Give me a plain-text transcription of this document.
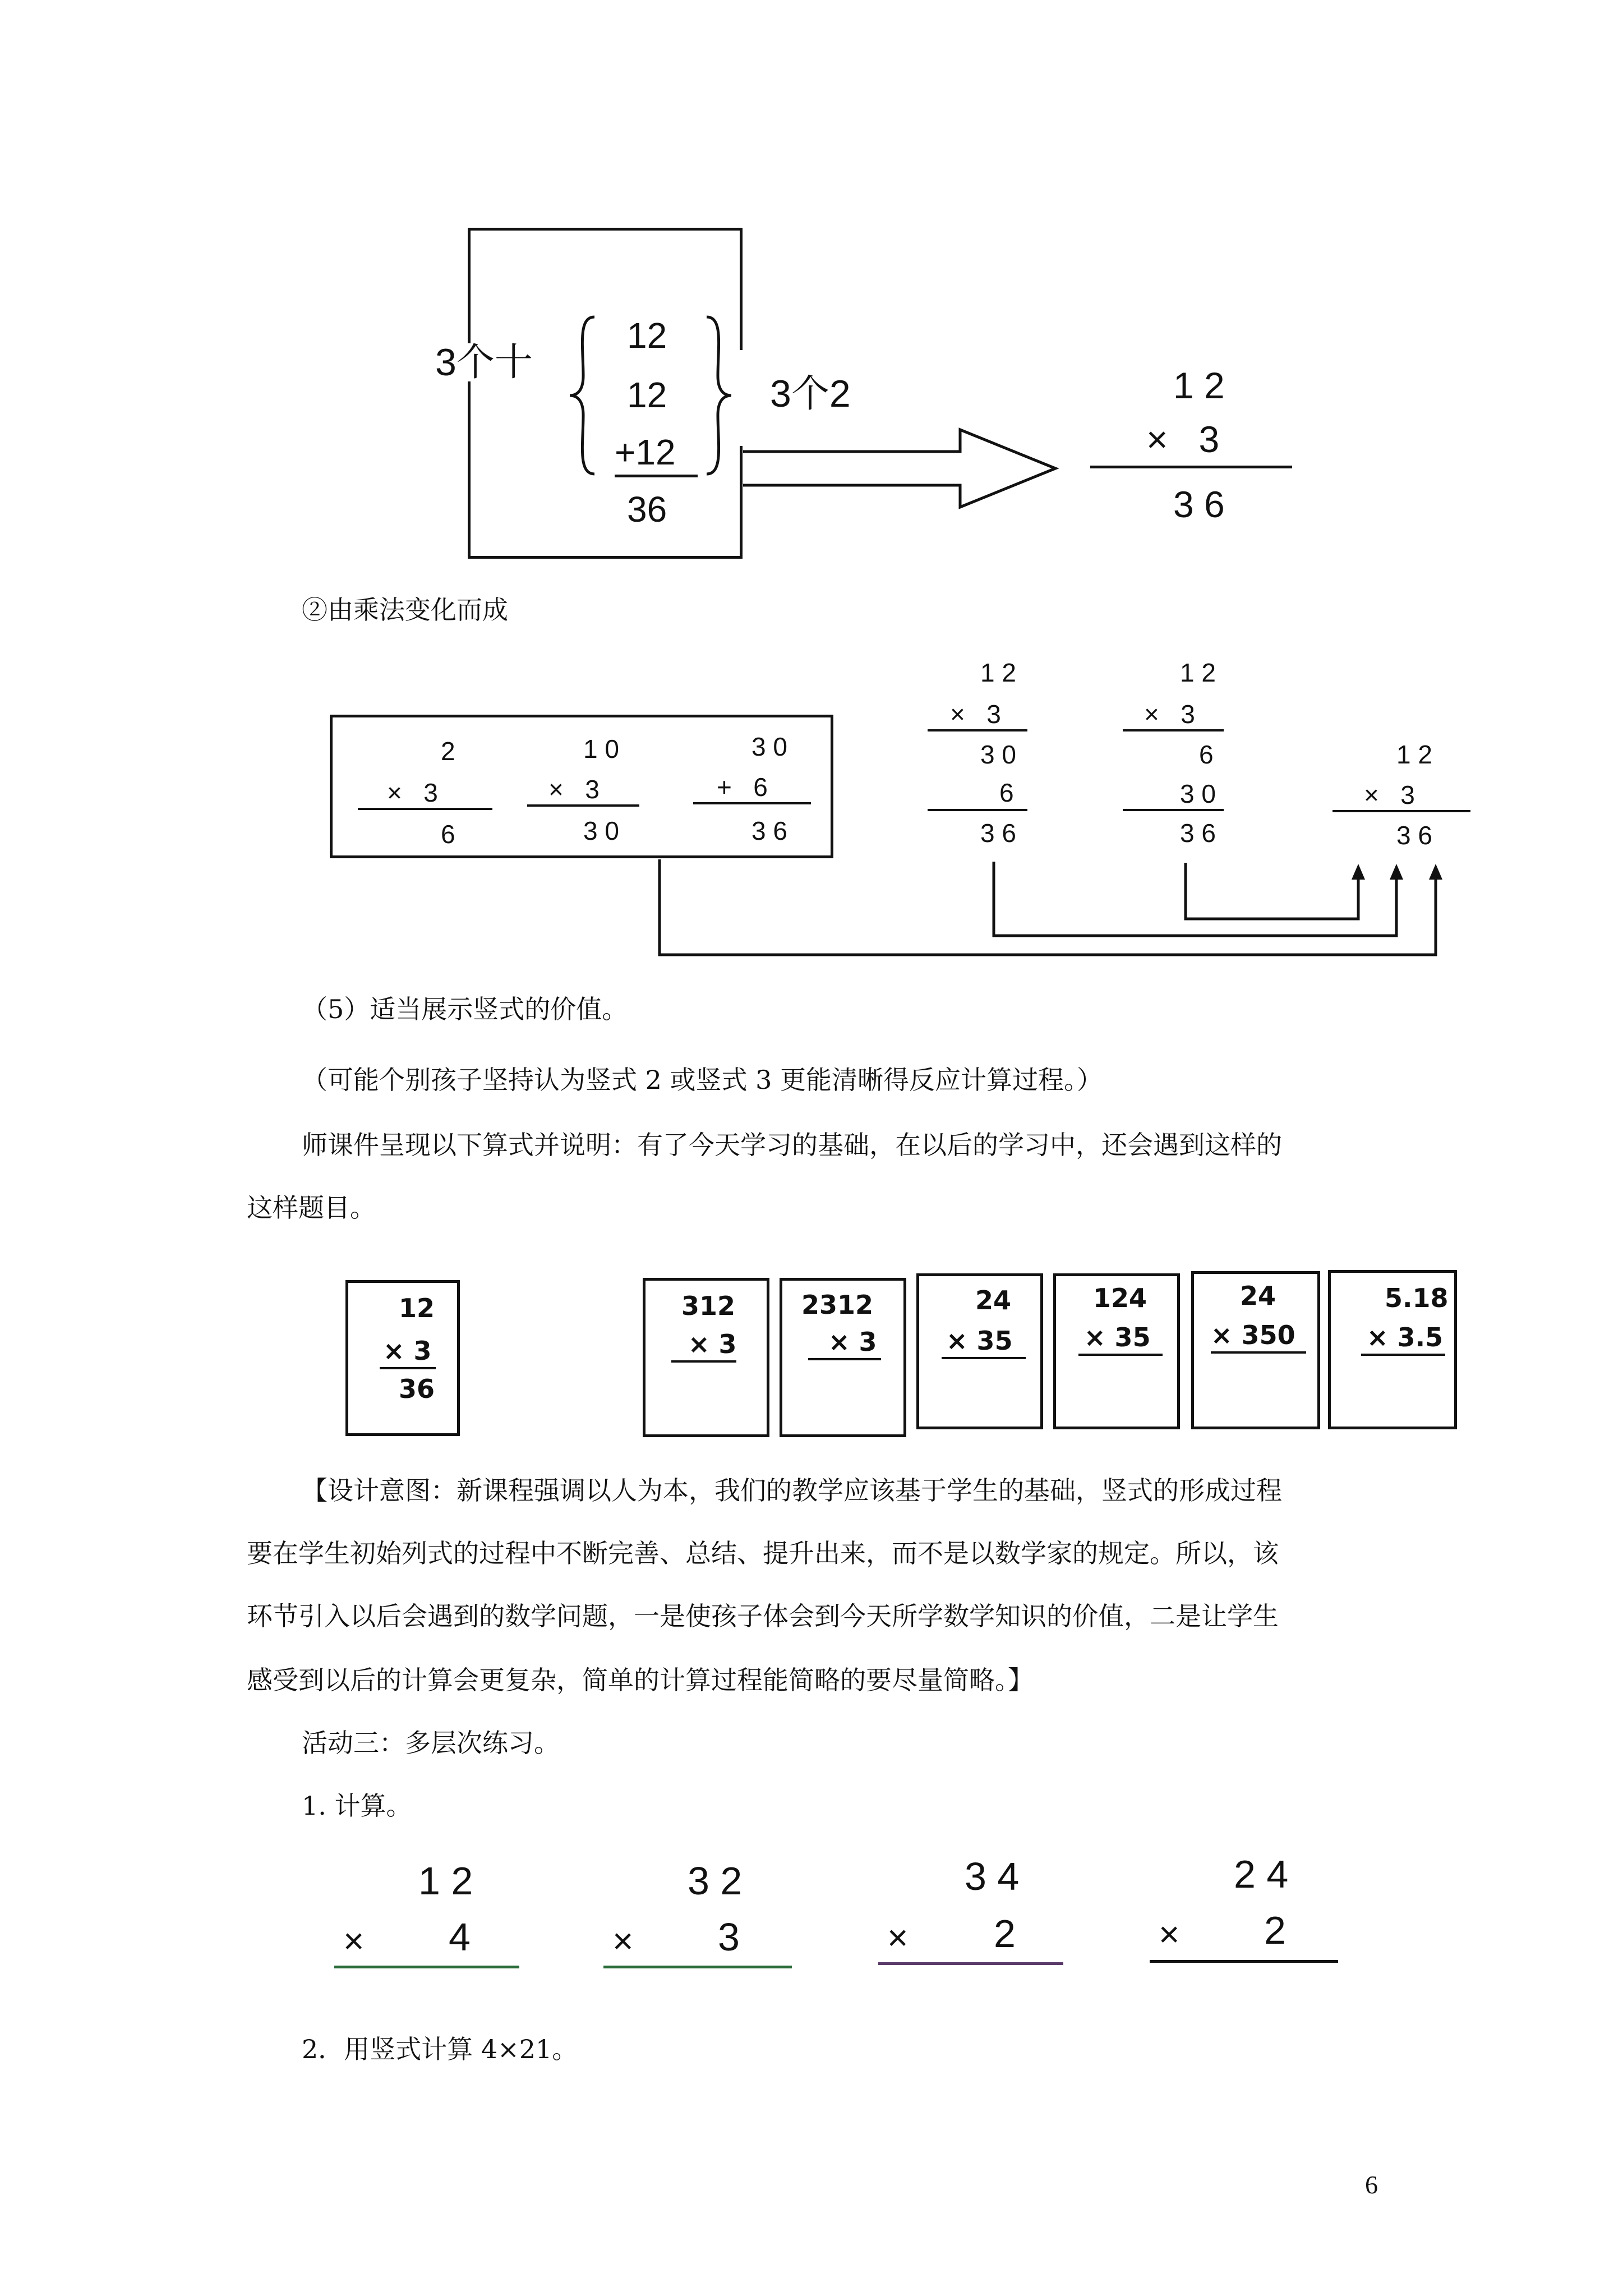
3个十
3个2
12
12
+12
36
1 2
×   3
3 6
②由乘法变化而成
2
×   3
6
1 0
×   3
3 0
3 0
+   6
3 6
1 2
×   3
3 0
6
3 6
1 2
×   3
6
3 0
3 6
1 2
×   3
3 6
（5）适当展示竖式的价值。
（可能个别孩子坚持认为竖式 2 或竖式 3 更能清晰得反应计算过程。）
师课件呈现以下算式并说明：有了今天学习的基础，在以后的学习中，还会遇到这样的
这样题目。
12
× 3
36
312
× 3
2312
× 3
24
× 35
124
× 35
24
× 350
5.18
× 3.5
【设计意图：新课程强调以人为本，我们的教学应该基于学生的基础，竖式的形成过程
要在学生初始列式的过程中不断完善、总结、提升出来，而不是以数学家的规定。所以，该
环节引入以后会遇到的数学问题，一是使孩子体会到今天所学数学知识的价值，二是让学生
感受到以后的计算会更复杂，简单的计算过程能简略的要尽量简略。】
活动三：多层次练习。
1. 计算。
1 2
× 4
3 2
× 3
3 4
× 2
2 4
× 2
2．用竖式计算 4×21。
6
